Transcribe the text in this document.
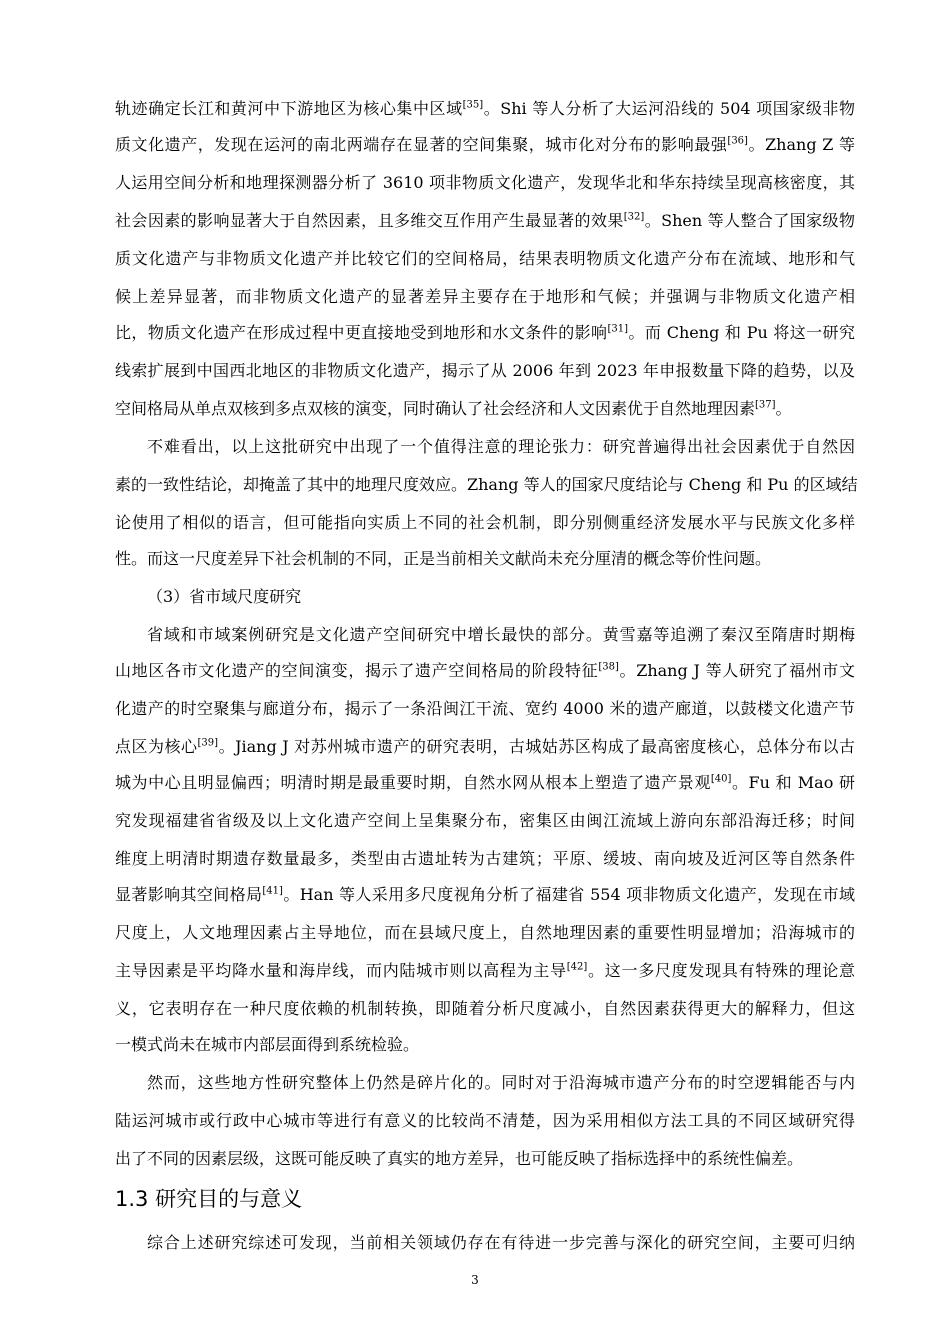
轨迹确定长江和黄河中下游地区为核心集中区域[35]。Shi 等人分析了大运河沿线的 504 项国家级非物
质文化遗产，发现在运河的南北两端存在显著的空间集聚，城市化对分布的影响最强[36]。Zhang Z 等
人运用空间分析和地理探测器分析了 3610 项非物质文化遗产，发现华北和华东持续呈现高核密度，其
社会因素的影响显著大于自然因素，且多维交互作用产生最显著的效果[32]。Shen 等人整合了国家级物
质文化遗产与非物质文化遗产并比较它们的空间格局，结果表明物质文化遗产分布在流域、地形和气
候上差异显著，而非物质文化遗产的显著差异主要存在于地形和气候；并强调与非物质文化遗产相
比，物质文化遗产在形成过程中更直接地受到地形和水文条件的影响[31]。而 Cheng 和 Pu 将这一研究
线索扩展到中国西北地区的非物质文化遗产，揭示了从 2006 年到 2023 年申报数量下降的趋势，以及
空间格局从单点双核到多点双核的演变，同时确认了社会经济和人文因素优于自然地理因素[37]。
不难看出，以上这批研究中出现了一个值得注意的理论张力：研究普遍得出社会因素优于自然因
素的一致性结论，却掩盖了其中的地理尺度效应。Zhang 等人的国家尺度结论与 Cheng 和 Pu 的区域结
论使用了相似的语言，但可能指向实质上不同的社会机制，即分别侧重经济发展水平与民族文化多样
性。而这一尺度差异下社会机制的不同，正是当前相关文献尚未充分厘清的概念等价性问题。
（3）省市域尺度研究
省域和市域案例研究是文化遗产空间研究中增长最快的部分。黄雪嘉等追溯了秦汉至隋唐时期梅
山地区各市文化遗产的空间演变，揭示了遗产空间格局的阶段特征[38]。Zhang J 等人研究了福州市文
化遗产的时空聚集与廊道分布，揭示了一条沿闽江干流、宽约 4000 米的遗产廊道，以鼓楼文化遗产节
点区为核心[39]。Jiang J 对苏州城市遗产的研究表明，古城姑苏区构成了最高密度核心，总体分布以古
城为中心且明显偏西；明清时期是最重要时期，自然水网从根本上塑造了遗产景观[40]。Fu 和 Mao 研
究发现福建省省级及以上文化遗产空间上呈集聚分布，密集区由闽江流域上游向东部沿海迁移；时间
维度上明清时期遗存数量最多，类型由古遗址转为古建筑；平原、缓坡、南向坡及近河区等自然条件
显著影响其空间格局[41]。Han 等人采用多尺度视角分析了福建省 554 项非物质文化遗产，发现在市域
尺度上，人文地理因素占主导地位，而在县域尺度上，自然地理因素的重要性明显增加；沿海城市的
主导因素是平均降水量和海岸线，而内陆城市则以高程为主导[42]。这一多尺度发现具有特殊的理论意
义，它表明存在一种尺度依赖的机制转换，即随着分析尺度减小，自然因素获得更大的解释力，但这
一模式尚未在城市内部层面得到系统检验。
然而，这些地方性研究整体上仍然是碎片化的。同时对于沿海城市遗产分布的时空逻辑能否与内
陆运河城市或行政中心城市等进行有意义的比较尚不清楚，因为采用相似方法工具的不同区域研究得
出了不同的因素层级，这既可能反映了真实的地方差异，也可能反映了指标选择中的系统性偏差。
1.3 研究目的与意义
综合上述研究综述可发现，当前相关领域仍存在有待进一步完善与深化的研究空间，主要可归纳
3
